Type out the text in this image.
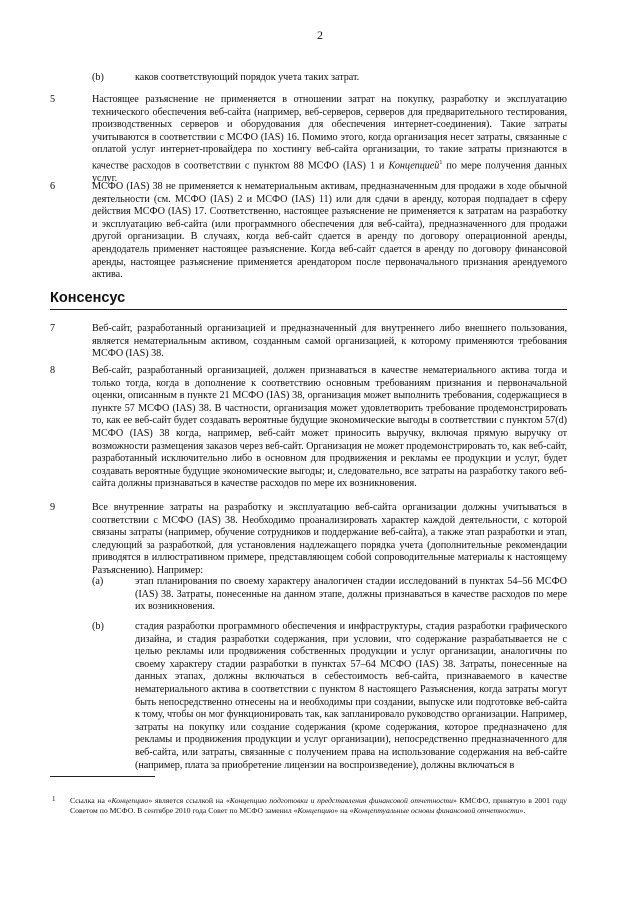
2
(b)	каков соответствующий порядок учета таких затрат.
5	Настоящее разъяснение не применяется в отношении затрат на покупку, разработку и эксплуатацию технического обеспечения веб-сайта (например, веб-серверов, серверов для предварительного тестирования, производственных серверов и оборудования для обеспечения интернет-соединения). Такие затраты учитываются в соответствии с МСФО (IAS) 16. Помимо этого, когда организация несет затраты, связанные с оплатой услуг интернет-провайдера по хостингу веб-сайта организации, то такие затраты признаются в качестве расходов в соответствии с пунктом 88 МСФО (IAS) 1 и Концепцией$^1$ по мере получения данных услуг.
6	МСФО (IAS) 38 не применяется к нематериальным активам, предназначенным для продажи в ходе обычной деятельности (см. МСФО (IAS) 2 и МСФО (IAS) 11) или для сдачи в аренду, которая подпадает в сферу действия МСФО (IAS) 17. Соответственно, настоящее разъяснение не применяется к затратам на разработку и эксплуатацию веб-сайта (или программного обеспечения для веб-сайта), предназначенного для продажи другой организации. В случаях, когда веб-сайт сдается в аренду по договору операционной аренды, арендодатель применяет настоящее разъяснение. Когда веб-сайт сдается в аренду по договору финансовой аренды, настоящее разъяснение применяется арендатором после первоначального признания арендуемого актива.
Консенсус
7	Веб-сайт, разработанный организацией и предназначенный для внутреннего либо внешнего пользования, является нематериальным активом, созданным самой организацией, к которому применяются требования МСФО (IAS) 38.
8	Веб-сайт, разработанный организацией, должен признаваться в качестве нематериального актива тогда и только тогда, когда в дополнение к соответствию основным требованиям признания и первоначальной оценки, описанным в пункте 21 МСФО (IAS) 38, организация может выполнить требования, содержащиеся в пункте 57 МСФО (IAS) 38. В частности, организация может удовлетворить требование продемонстрировать то, как ее веб-сайт будет создавать вероятные будущие экономические выгоды в соответствии с пунктом 57(d) МСФО (IAS) 38 когда, например, веб-сайт может приносить выручку, включая прямую выручку от возможности размещения заказов через веб-сайт. Организация не может продемонстрировать то, как веб-сайт, разработанный исключительно либо в основном для продвижения и рекламы ее продукции и услуг, будет создавать вероятные будущие экономические выгоды; и, следовательно, все затраты на разработку такого веб-сайта должны признаваться в качестве расходов по мере их возникновения.
9	Все внутренние затраты на разработку и эксплуатацию веб-сайта организации должны учитываться в соответствии с МСФО (IAS) 38. Необходимо проанализировать характер каждой деятельности, с которой связаны затраты (например, обучение сотрудников и поддержание веб-сайта), а также этап разработки и этап, следующий за разработкой, для установления надлежащего порядка учета (дополнительные рекомендации приводятся в иллюстративном примере, представляющем собой сопроводительные материалы к настоящему Разъяснению). Например:
(a)	этап планирования по своему характеру аналогичен стадии исследований в пунктах 54–56 МСФО (IAS) 38. Затраты, понесенные на данном этапе, должны признаваться в качестве расходов по мере их возникновения.
(b)	стадия разработки программного обеспечения и инфраструктуры, стадия разработки графического дизайна, и стадия разработки содержания, при условии, что содержание разрабатывается не с целью рекламы или продвижения собственных продукции и услуг организации, аналогичны по своему характеру стадии разработки в пунктах 57–64 МСФО (IAS) 38. Затраты, понесенные на данных этапах, должны включаться в себестоимость веб-сайта, признаваемого в качестве нематериального актива в соответствии с пунктом 8 настоящего Разъяснения, когда затраты могут быть непосредственно отнесены на и необходимы при создании, выпуске или подготовке веб-сайта к тому, чтобы он мог функционировать так, как запланировало руководство организации. Например, затраты на покупку или создание содержания (кроме содержания, которое предназначено для рекламы и продвижения продукции и услуг организации), непосредственно предназначенного для веб-сайта, или затраты, связанные с получением права на использование содержания на веб-сайте (например, плата за приобретение лицензии на воспроизведение), должны включаться в
1 Ссылка на «Концепцию» является ссылкой на «Концепцию подготовки и представления финансовой отчетности» КМСФО, принятую в 2001 году Советом по МСФО. В сентябре 2010 года Совет по МСФО заменил «Концепцию» на «Концептуальные основы финансовой отчетности».
